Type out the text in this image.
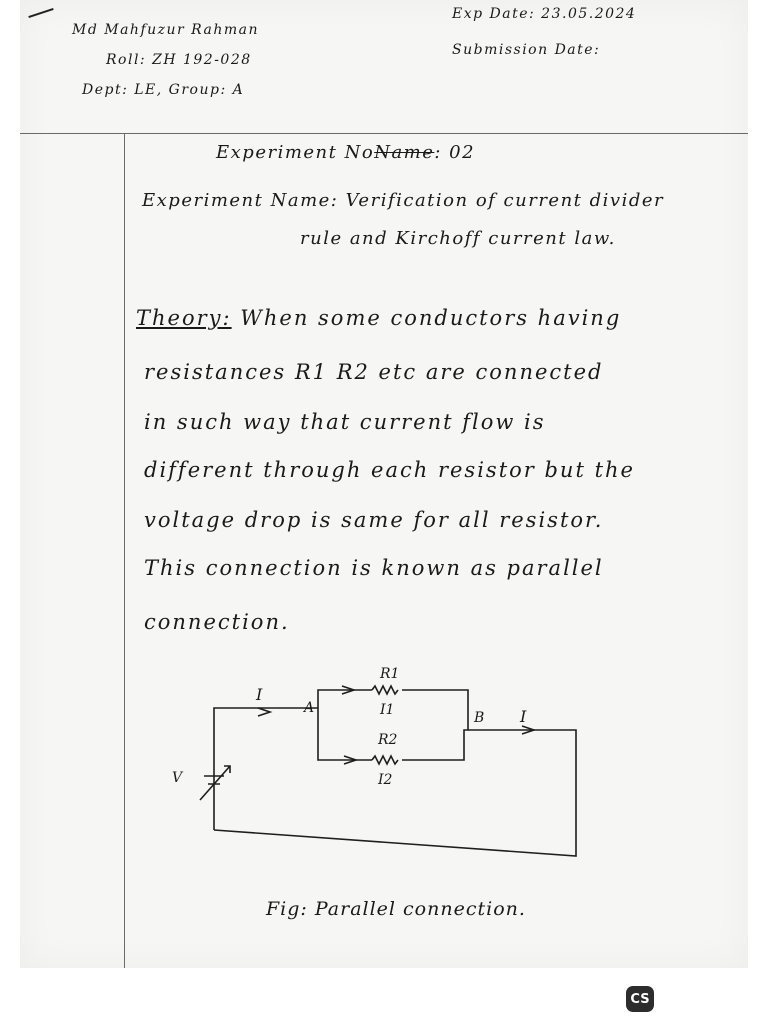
Md Mahfuzur Rahman
Roll: ZH 192-028
Dept: LE, Group: A
Exp Date: 23.05.2024
Submission Date:
Experiment NoName: 02
Experiment Name: Verification of current divider
rule and Kirchoff current law.
Theory: When some conductors having
resistances R1 R2 etc are connected
in such way that current flow is
different through each resistor but the
voltage drop is same for all resistor.
This connection is known as parallel
connection.
R1
I1
R2
I2
I
A
B I
V
Fig: Parallel connection.
CS
